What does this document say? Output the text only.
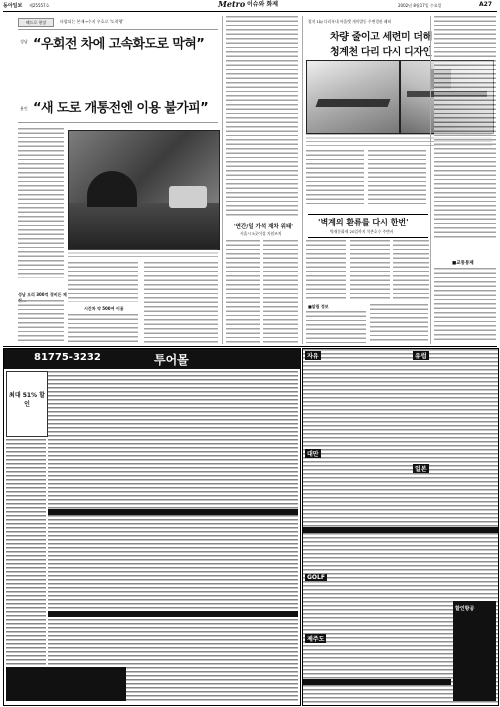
동아일보 제25557호	Metro 이슈와 화제	2002년 8월17일 수요일	A27
헤드로 현장	타랍되는 본제→수지 우호로 '도착행'
성남 “우회전 차에 고속화도로 막혀”
용인 “새 도로 개통전엔 이용 불가피”
성남 오리 300억 경비든 제
시간차 약 500여 이용
'연간/일 가석 재차 위태'
서울시 5곳이상 지원조치
접지 1㎞ 다리폭내 아울렛 개미발동 주변경관 폐허
차량 줄이고 세련미 더해
청계천 다리 다시 디자인
'벽계의 환류를 다시 한번'
벽재문화제 20일까지 석촌호수 주변서
■알림 정보
■교통통제
81775-3232	투어몰
최대 51% 할인
자유	유럽
일본
대만
GOLF
제주도
할인항공
